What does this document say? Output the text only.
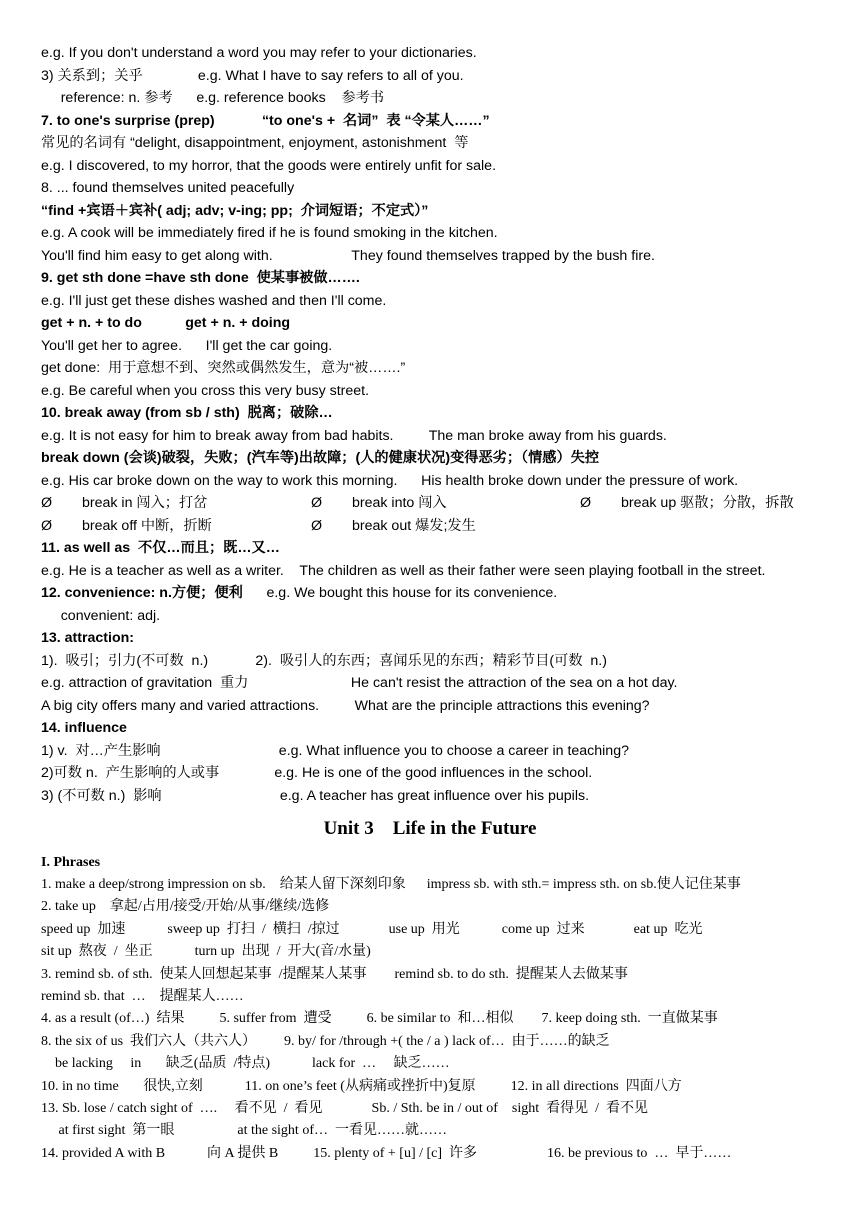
e.g. If you don't understand a word you may refer to your dictionaries.
3) 关系到；关乎              e.g. What I have to say refers to all of you.
reference: n. 参考      e.g. reference books    参考书
7. to one's surprise (prep)            “to one's +  名词”  表 “令某人……”
常见的名词有 “delight, disappointment, enjoyment, astonishment  等
e.g. I discovered, to my horror, that the goods were entirely unfit for sale.
8. ... found themselves united peacefully
“find +宾语＋宾补( adj; adv; v-ing; pp;  介词短语；不定式）”
e.g. A cook will be immediately fired if he is found smoking in the kitchen.
You'll find him easy to get along with.                    They found themselves trapped by the bush fire.
9. get sth done =have sth done  使某事被做…….
e.g. I'll just get these dishes washed and then I'll come.
get + n. + to do           get + n. + doing
You'll get her to agree.      I'll get the car going.
get done:  用于意想不到、突然或偶然发生，意为“被…….”
e.g. Be careful when you cross this very busy street.
10. break away (from sb / sth)  脱离；破除…
e.g. It is not easy for him to break away from bad habits.         The man broke away from his guards.
break down (会谈)破裂，失败；(汽车等)出故障；(人的健康状况)变得恶劣；（情感）失控
e.g. His car broke down on the way to work this morning.      His health broke down under the pressure of work.
Ø break in 闯入；打岔	Ø break into 闯入	Ø break up 驱散；分散，拆散
Ø break off 中断，折断	Ø break out 爆发;发生
11. as well as  不仅…而且；既…又…
e.g. He is a teacher as well as a writer.    The children as well as their father were seen playing football in the street.
12. convenience: n.方便；便利      e.g. We bought this house for its convenience.
convenient: adj.
13. attraction:
1).  吸引；引力(不可数  n.)            2).  吸引人的东西；喜闻乐见的东西；精彩节目(可数  n.)
e.g. attraction of gravitation  重力                          He can't resist the attraction of the sea on a hot day.
A big city offers many and varied attractions.         What are the principle attractions this evening?
14. influence
1) v.  对…产生影响                              e.g. What influence you to choose a career in teaching?
2)可数 n.  产生影响的人或事              e.g. He is one of the good influences in the school.
3) (不可数 n.)  影响                              e.g. A teacher has great influence over his pupils.
Unit 3    Life in the Future
I. Phrases
1. make a deep/strong impression on sb.    给某人留下深刻印象      impress sb. with sth.= impress sth. on sb.使人记住某事
2. take up    拿起/占用/接受/开始/从事/继续/选修
speed up  加速            sweep up  打扫  /  横扫  /掠过              use up  用光            come up  过来              eat up  吃光
sit up  熬夜  /  坐正            turn up  出现  /  开大(音/水量)
3. remind sb. of sth.  使某人回想起某事  /提醒某人某事        remind sb. to do sth.  提醒某人去做某事
remind sb. that  …    提醒某人……
4. as a result (of…)  结果          5. suffer from  遭受          6. be similar to  和…相似        7. keep doing sth.  一直做某事
8. the six of us  我们六人（共六人）        9. by/ for /through +( the / a ) lack of…  由于……的缺乏
be lacking     in       缺乏(品质  /特点)            lack for  …     缺乏……
10. in no time       很快,立刻            11. on one’s feet (从病痛或挫折中)复原          12. in all directions  四面八方
13. Sb. lose / catch sight of  ….     看不见  /  看见              Sb. / Sth. be in / out of    sight  看得见  /  看不见
at first sight  第一眼                  at the sight of…  一看见……就……
14. provided A with B            向 A 提供 B          15. plenty of + [u] / [c]  许多                    16. be previous to  …  早于……
